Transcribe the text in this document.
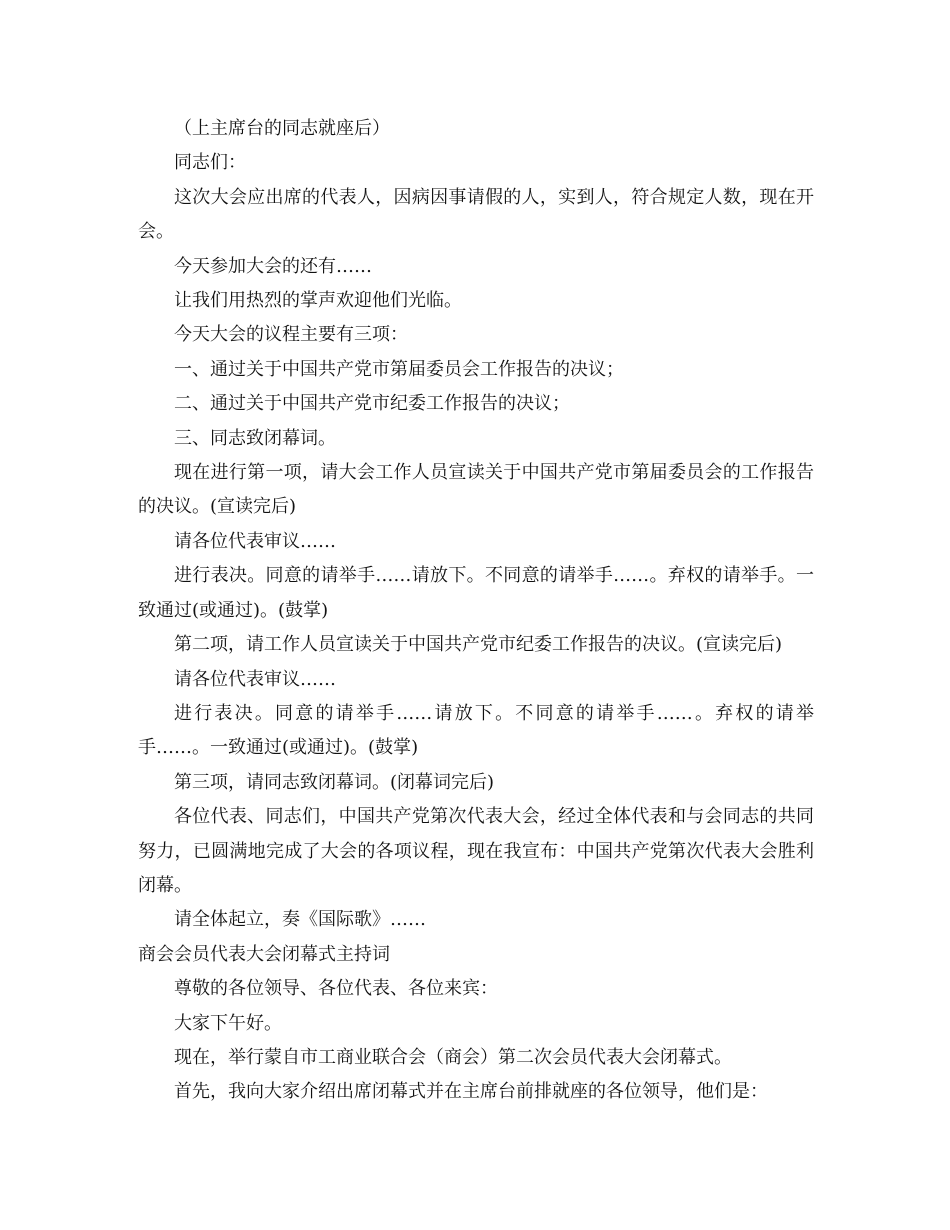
（上主席台的同志就座后）

同志们：

这次大会应出席的代表人，因病因事请假的人，实到人，符合规定人数，现在开会。

今天参加大会的还有……

让我们用热烈的掌声欢迎他们光临。

今天大会的议程主要有三项：

一、通过关于中国共产党市第届委员会工作报告的决议；

二、通过关于中国共产党市纪委工作报告的决议；

三、同志致闭幕词。

现在进行第一项，请大会工作人员宣读关于中国共产党市第届委员会的工作报告的决议。(宣读完后)

请各位代表审议……

进行表决。同意的请举手……请放下。不同意的请举手……。弃权的请举手。一致通过(或通过)。(鼓掌)

第二项，请工作人员宣读关于中国共产党市纪委工作报告的决议。(宣读完后)

请各位代表审议……

进行表决。同意的请举手……请放下。不同意的请举手……。弃权的请举手……。一致通过(或通过)。(鼓掌)

第三项，请同志致闭幕词。(闭幕词完后)

各位代表、同志们，中国共产党第次代表大会，经过全体代表和与会同志的共同努力，已圆满地完成了大会的各项议程，现在我宣布：中国共产党第次代表大会胜利闭幕。

请全体起立，奏《国际歌》……

商会会员代表大会闭幕式主持词

尊敬的各位领导、各位代表、各位来宾：

大家下午好。

现在，举行蒙自市工商业联合会（商会）第二次会员代表大会闭幕式。

首先，我向大家介绍出席闭幕式并在主席台前排就座的各位领导，他们是：
